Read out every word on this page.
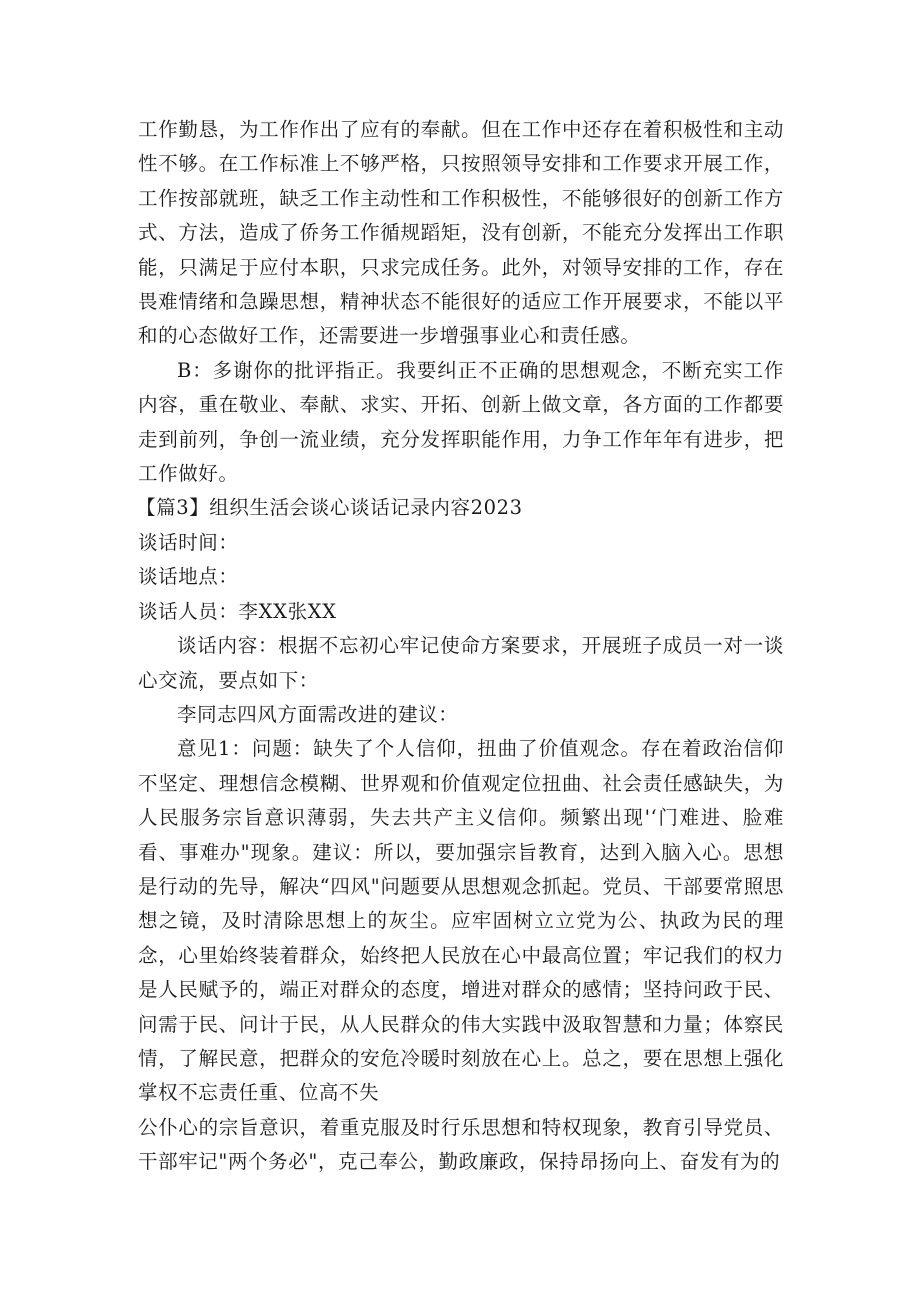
工作勤恳，为工作作出了应有的奉献。但在工作中还存在着积极性和主动性不够。在工作标准上不够严格，只按照领导安排和工作要求开展工作，工作按部就班，缺乏工作主动性和工作积极性，不能够很好的创新工作方式、方法，造成了侨务工作循规蹈矩，没有创新，不能充分发挥出工作职能，只满足于应付本职，只求完成任务。此外，对领导安排的工作，存在畏难情绪和急躁思想，精神状态不能很好的适应工作开展要求，不能以平和的心态做好工作，还需要进一步增强事业心和责任感。

B：多谢你的批评指正。我要纠正不正确的思想观念，不断充实工作内容，重在敬业、奉献、求实、开拓、创新上做文章，各方面的工作都要走到前列，争创一流业绩，充分发挥职能作用，力争工作年年有进步，把工作做好。

【篇3】组织生活会谈心谈话记录内容2023

谈话时间：

谈话地点：

谈话人员：李XX张XX

谈话内容：根据不忘初心牢记使命方案要求，开展班子成员一对一谈心交流，要点如下：

李同志四风方面需改进的建议：

意见1：问题：缺失了个人信仰，扭曲了价值观念。存在着政治信仰不坚定、理想信念模糊、世界观和价值观定位扭曲、社会责任感缺失，为人民服务宗旨意识薄弱，失去共产主义信仰。频繁出现'‘门难进、脸难看、事难办"现象。建议：所以，要加强宗旨教育，达到入脑入心。思想是行动的先导，解决“四风"问题要从思想观念抓起。党员、干部要常照思想之镜，及时清除思想上的灰尘。应牢固树立立党为公、执政为民的理念，心里始终装着群众，始终把人民放在心中最高位置；牢记我们的权力是人民赋予的，端正对群众的态度，增进对群众的感情；坚持问政于民、问需于民、问计于民，从人民群众的伟大实践中汲取智慧和力量；体察民情，了解民意，把群众的安危冷暖时刻放在心上。总之，要在思想上强化掌权不忘责任重、位高不失

公仆心的宗旨意识，着重克服及时行乐思想和特权现象，教育引导党员、干部牢记"两个务必"，克己奉公，勤政廉政，保持昂扬向上、奋发有为的
